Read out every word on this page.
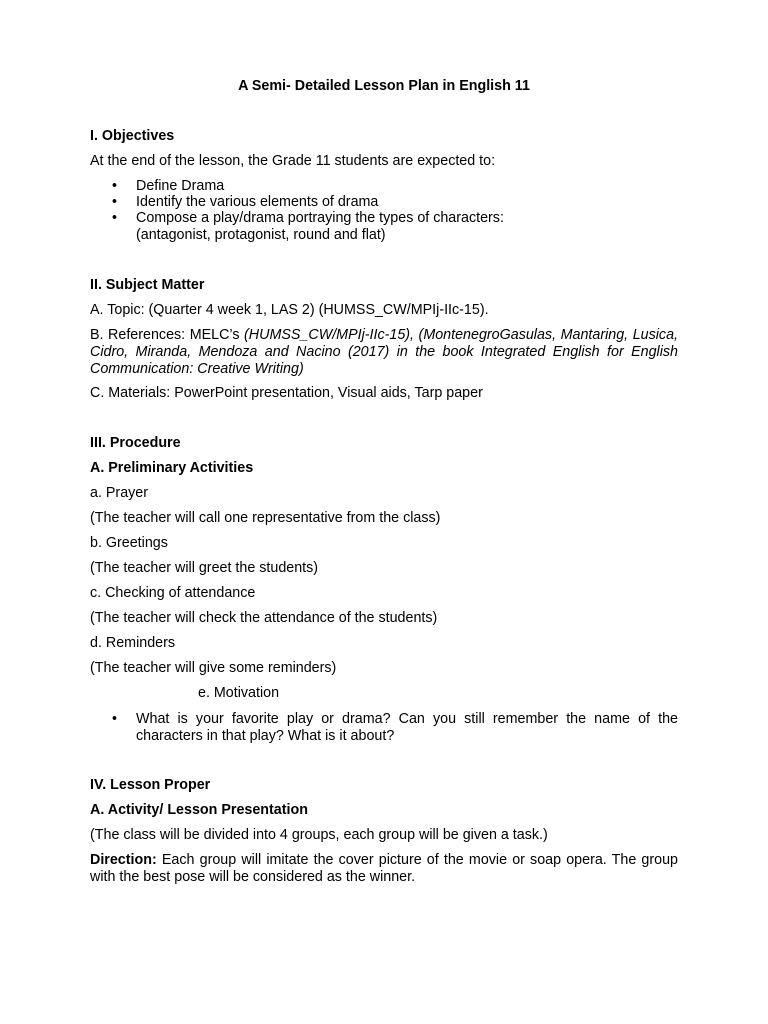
A Semi- Detailed Lesson Plan in English 11
I. Objectives
At the end of the lesson, the Grade 11 students are expected to:
•	Define Drama
•	Identify the various elements of drama
•	Compose a play/drama portraying the types of characters:
(antagonist, protagonist, round and flat)
II. Subject Matter
A. Topic: (Quarter 4 week 1, LAS 2) (HUMSS_CW/MPIj-IIc-15).
B. References: MELC’s (HUMSS_CW/MPIj-IIc-15), (MontenegroGasulas, Mantaring, Lusica, Cidro, Miranda, Mendoza and Nacino (2017) in the book Integrated English for English Communication: Creative Writing)
C. Materials: PowerPoint presentation, Visual aids, Tarp paper
III. Procedure
A. Preliminary Activities
a. Prayer
(The teacher will call one representative from the class)
b. Greetings
(The teacher will greet the students)
c. Checking of attendance
(The teacher will check the attendance of the students)
d. Reminders
(The teacher will give some reminders)
e. Motivation
•	What is your favorite play or drama? Can you still remember the name of the characters in that play? What is it about?
IV. Lesson Proper
A. Activity/ Lesson Presentation
(The class will be divided into 4 groups, each group will be given a task.)
Direction: Each group will imitate the cover picture of the movie or soap opera. The group with the best pose will be considered as the winner.
